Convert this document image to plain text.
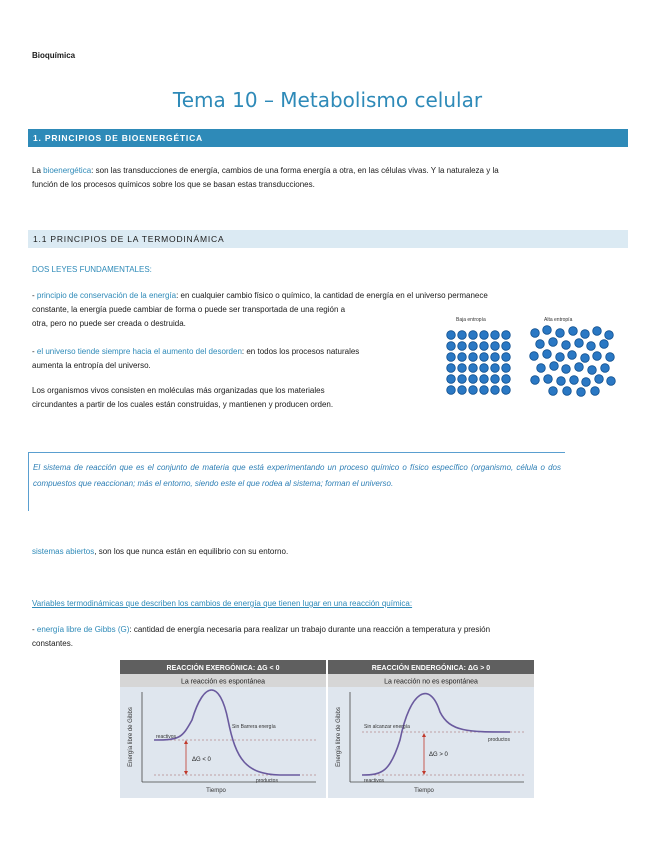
Bioquímica
Tema 10 – Metabolismo celular
1. PRINCIPIOS DE BIOENERGÉTICA

La bioenergética: son las transducciones de energía, cambios de una forma energía a otra, en las células vivas. Y la naturaleza y la

función de los procesos químicos sobre los que se basan estas transducciones.

1.1 PRINCIPIOS DE LA TERMODINÁMICA
DOS LEYES FUNDAMENTALES:

- principio de conservación de la energía: en cualquier cambio físico o químico, la cantidad de energía en el universo permanece

constante, la energía puede cambiar de forma o puede ser transportada de una región a

otra, pero no puede ser creada o destruida.

- el universo tiende siempre hacia el aumento del desorden: en todos los procesos naturales

aumenta la entropía del universo.

Los organismos vivos consisten en moléculas más organizadas que los materiales

circundantes a partir de los cuales están construidas, y mantienen y producen orden.

Baja entropía	Alta entropía

El sistema de reacción que es el conjunto de materia que está experimentando un proceso químico o físico específico (organismo, célula o dos compuestos que reaccionan; más el entorno, siendo este el que rodea al sistema; forman el universo.

sistemas abiertos, son los que nunca están en equilibrio con su entorno.
Variables termodinámicas que describen los cambios de energía que tienen lugar en una reacción química:

- energía libre de Gibbs (G): cantidad de energía necesaria para realizar un trabajo durante una reacción a temperatura y presión

constantes.

REACCIÓN EXERGÓNICA: ΔG < 0
La reacción es espontánea
Energía libre de Gibbs
Tiempo
ΔG < 0
reactivos
productos
Sin Barrera energía
REACCIÓN ENDERGÓNICA: ΔG > 0
La reacción no es espontánea
Energía libre de Gibbs
Tiempo
ΔG > 0
reactivos
productos
Sin alcanzar energía
